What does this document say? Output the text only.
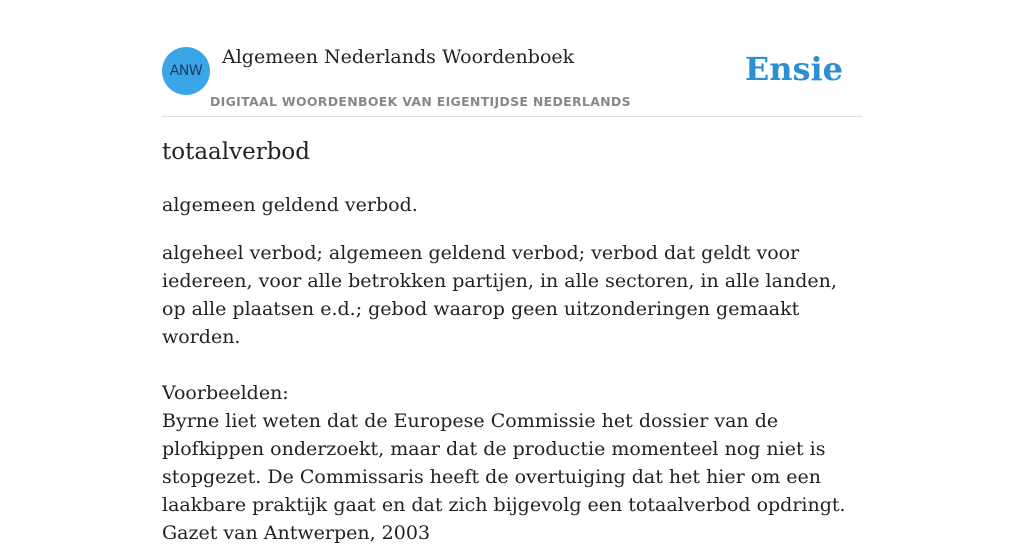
ANW
Algemeen Nederlands Woordenboek
DIGITAAL WOORDENBOEK VAN EIGENTIJDSE NEDERLANDS
Ensie
totaalverbod
algemeen geldend verbod.

algeheel verbod; algemeen geldend verbod; verbod dat geldt voor iedereen, voor alle betrokken partijen, in alle sectoren, in alle landen, op alle plaatsen e.d.; gebod waarop geen uitzonderingen gemaakt worden.

Voorbeelden:

Byrne liet weten dat de Europese Commissie het dossier van de plofkippen onderzoekt, maar dat de productie momenteel nog niet is stopgezet. De Commissaris heeft de overtuiging dat het hier om een laakbare praktijk gaat en dat zich bijgevolg een totaalverbod opdringt.

Gazet van Antwerpen, 2003
